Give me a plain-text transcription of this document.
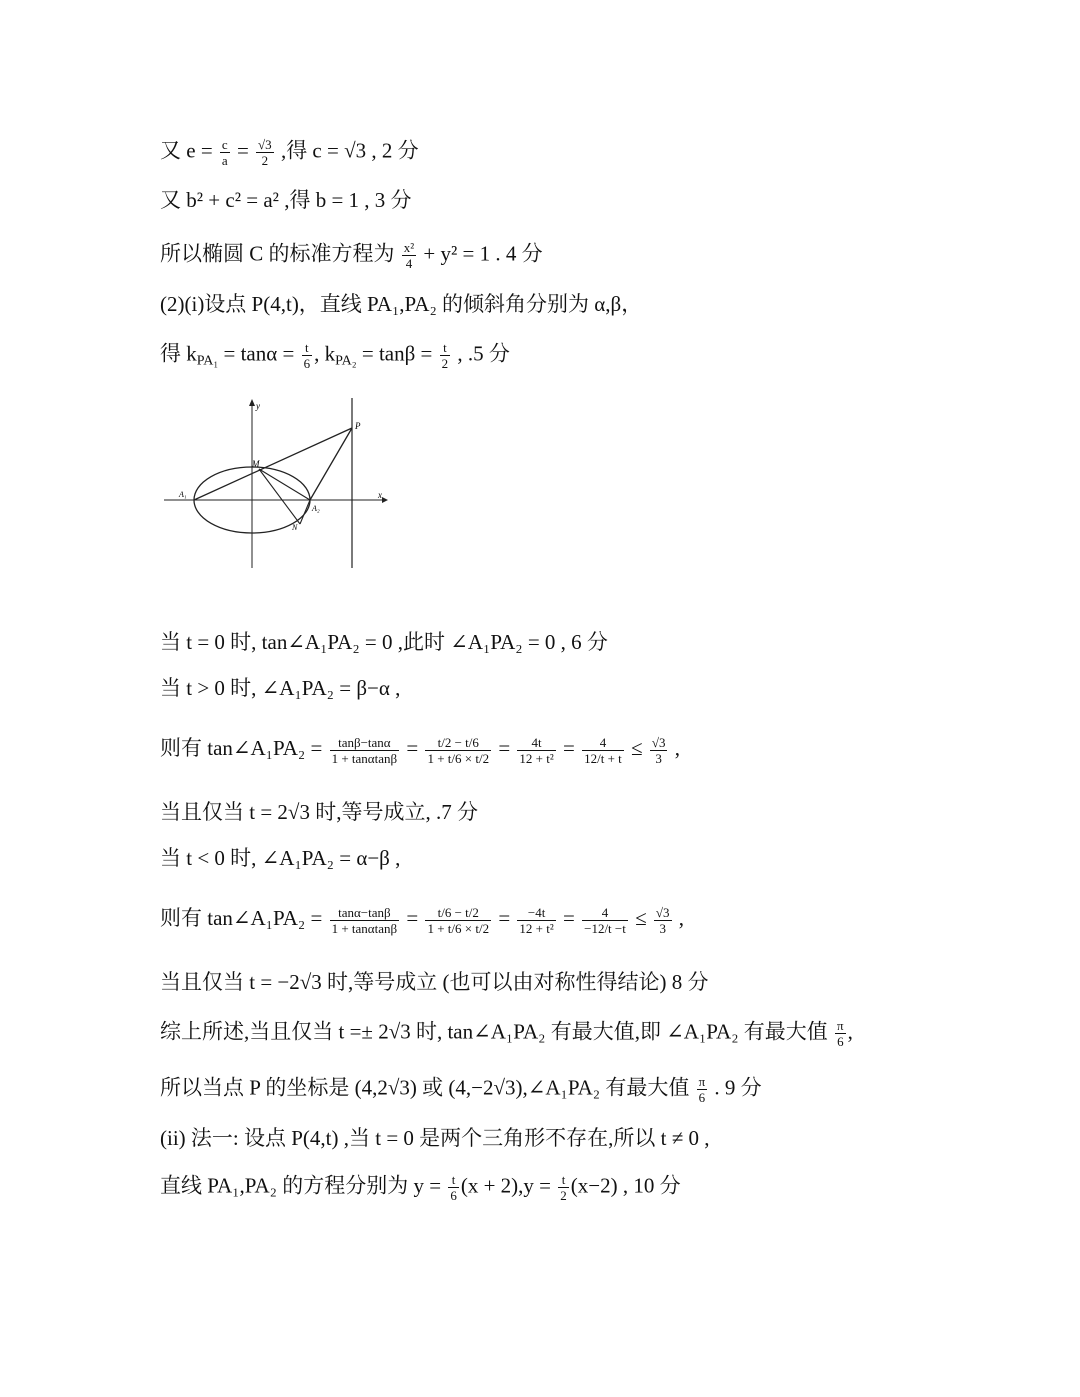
又 $e = \frac{c}{a} = \frac{√3}{2}$ ,得 c = √3 , 2 分
又 b² + c² = a² ,得 b = 1 , 3 分
所以椭圆 C 的标准方程为 $\frac{\text{x²}}{4} + y^2 = 1$ . 4 分
(2)(i)设点 P(4,t)，直线 PA₁,PA₂ 的倾斜角分别为 α,β，
得 $k_{PA_1} = \tan\alpha = \frac{t}{6}$ , $k_{PA_2} = \tan\beta = \frac{t}{2}$ , .5 分
y
x
P
M
A₁
A₂
N
当 t = 0 时, tan∠A₁PA₂ = 0 ,此时 ∠A₁PA₂ = 0 , 6 分
当 t > 0 时, ∠A₁PA₂ = β−α ,
则有 tan∠A₁PA₂ = $\frac{\tan\beta-\tan\alpha}{1 + \tan\alpha\tan\beta} = \frac{t/2 - t/6}{1 + t/6 \times t/2} = \frac{4t}{\text{12 + t²}} = \frac{4}{12/t + t} \le \frac{√3}{3}$ ,
当且仅当 t = 2√3 时,等号成立, .7 分
当 t < 0 时, ∠A₁PA₂ = α−β ,
则有 tan∠A₁PA₂ = $\frac{\tan\alpha-\tan\beta}{1 + \tan\alpha\tan\beta} = \frac{t/6 - t/2}{1 + t/6 \times t/2} = \frac{-4t}{\text{12 + t²}} = \frac{4}{-12/t -t} \le \frac{√3}{3}$ ,
当且仅当 t = −2√3 时,等号成立 (也可以由对称性得结论) 8 分
综上所述,当且仅当 t =± 2√3 时, tan∠A₁PA₂ 有最大值,即 ∠A₁PA₂ 有最大值 $\frac{\pi}{6}$ ,
所以当点 P 的坐标是 (4,2√3) 或 (4,−2√3),∠A₁PA₂ 有最大值 $\frac{\pi}{6}$ . 9 分
(ii) 法一: 设点 P(4,t) ,当 t = 0 是两个三角形不存在,所以 t ≠ 0 ,
直线 PA₁,PA₂ 的方程分别为 $y = \frac{t}{6} (x + 2),y = \frac{t}{2} (x-2)$ , 10 分
